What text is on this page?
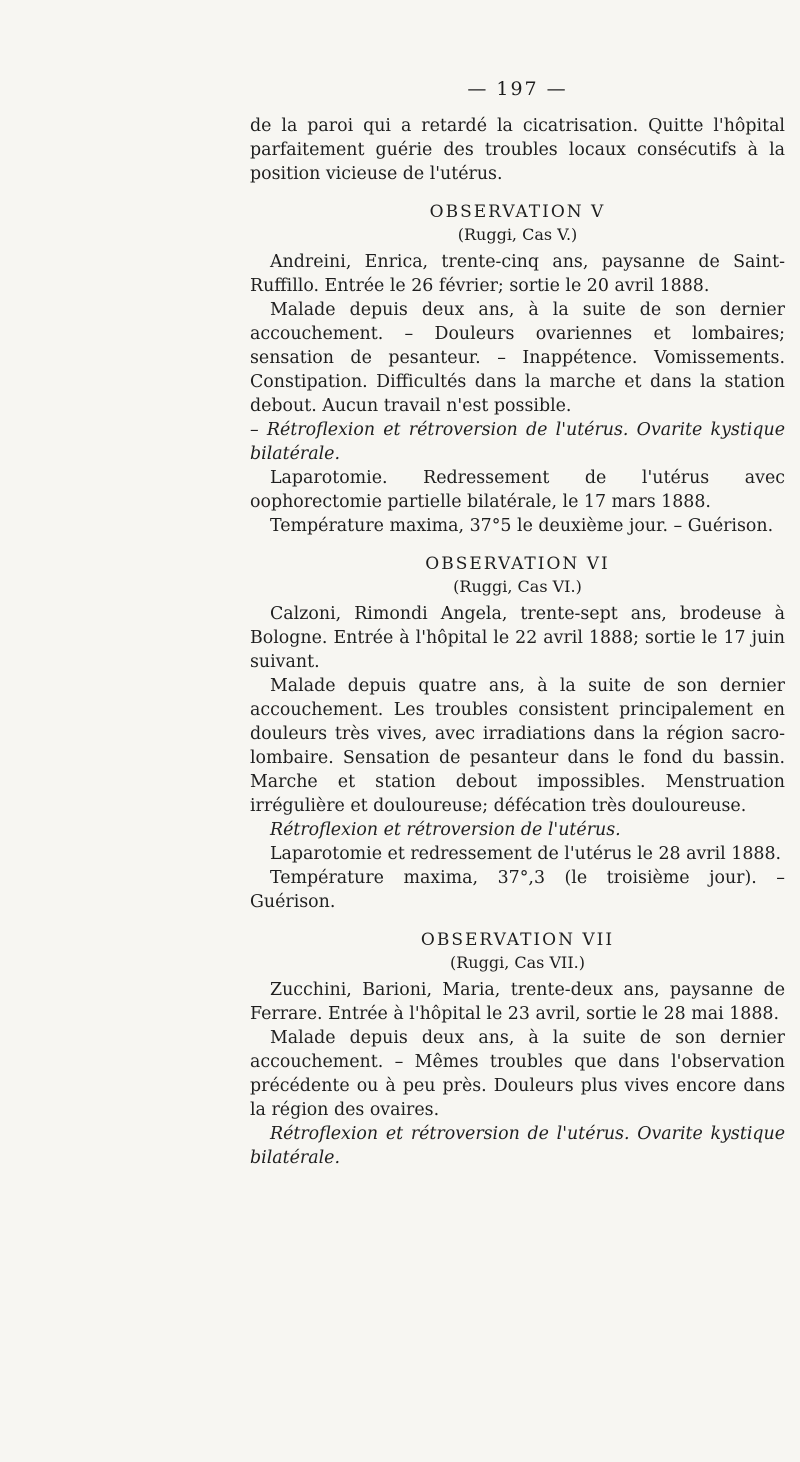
— 197 —

de la paroi qui a retardé la cicatrisation. Quitte l'hôpital parfaitement guérie des troubles locaux consécutifs à la position vicieuse de l'utérus.

OBSERVATION V
(Ruggi, Cas V.)

Andreini, Enrica, trente-cinq ans, paysanne de Saint-Ruffillo. Entrée le 26 février; sortie le 20 avril 1888.

Malade depuis deux ans, à la suite de son dernier accouchement. – Douleurs ovariennes et lombaires; sensation de pesanteur. – Inappétence. Vomissements. Constipation. Difficultés dans la marche et dans la station debout. Aucun travail n'est possible.

– Rétroflexion et rétroversion de l'utérus. Ovarite kystique bilatérale.

Laparotomie. Redressement de l'utérus avec oophorectomie partielle bilatérale, le 17 mars 1888.

Température maxima, 37°5 le deuxième jour. – Guérison.

OBSERVATION VI
(Ruggi, Cas VI.)

Calzoni, Rimondi Angela, trente-sept ans, brodeuse à Bologne. Entrée à l'hôpital le 22 avril 1888; sortie le 17 juin suivant.

Malade depuis quatre ans, à la suite de son dernier accouchement. Les troubles consistent principalement en douleurs très vives, avec irradiations dans la région sacro-lombaire. Sensation de pesanteur dans le fond du bassin. Marche et station debout impossibles. Menstruation irrégulière et douloureuse; défécation très douloureuse.

Rétroflexion et rétroversion de l'utérus.

Laparotomie et redressement de l'utérus le 28 avril 1888.

Température maxima, 37°,3 (le troisième jour). – Guérison.

OBSERVATION VII
(Ruggi, Cas VII.)

Zucchini, Barioni, Maria, trente-deux ans, paysanne de Ferrare. Entrée à l'hôpital le 23 avril, sortie le 28 mai 1888.

Malade depuis deux ans, à la suite de son dernier accouchement. – Mêmes troubles que dans l'observation précédente ou à peu près. Douleurs plus vives encore dans la région des ovaires.

Rétroflexion et rétroversion de l'utérus. Ovarite kystique bilatérale.
